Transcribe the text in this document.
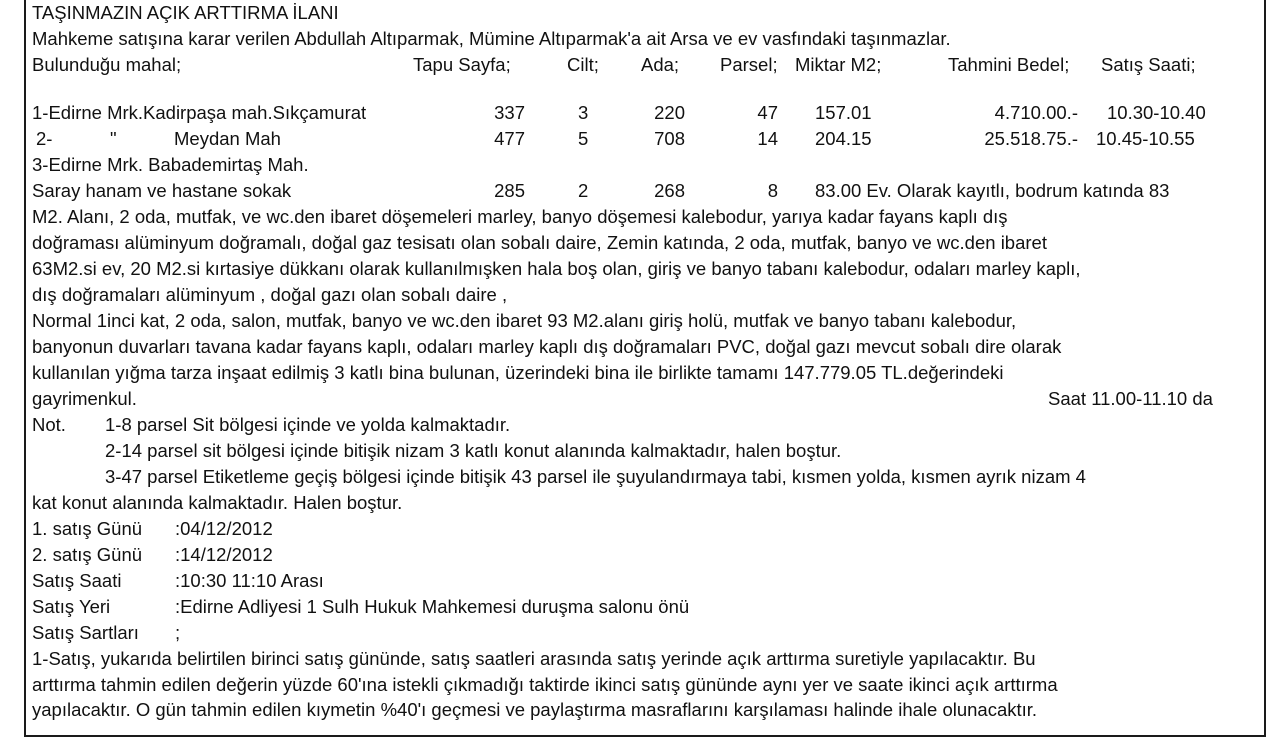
TAŞINMAZIN AÇIK ARTTIRMA İLANI
Mahkeme satışına karar verilen Abdullah Altıparmak, Mümine Altıparmak'a ait Arsa ve ev vasfındaki taşınmazlar.
Bulunduğu mahal;	Tapu Sayfa;	Cilt; Ada; Parsel; Miktar M2;	Tahmini Bedel; Satış Saati;
1-Edirne Mrk.Kadirpaşa mah.Sıkçamurat	337	3	220	47 157.01	4.710.00.- 10.30-10.40
2-	"	Meydan Mah	477	5	708	14 204.15	25.518.75.- 10.45-10.55
3-Edirne Mrk. Babademirtaş Mah.
Saray hanam ve hastane sokak	285	2	268	8 83.00 Ev. Olarak kayıtlı, bodrum katında 83
M2. Alanı, 2 oda, mutfak, ve wc.den ibaret döşemeleri marley, banyo döşemesi kalebodur, yarıya kadar fayans kaplı dış
doğraması alüminyum doğramalı, doğal gaz tesisatı olan sobalı daire, Zemin katında, 2 oda, mutfak, banyo ve wc.den ibaret
63M2.si ev, 20 M2.si kırtasiye dükkanı olarak kullanılmışken hala boş olan, giriş ve banyo tabanı kalebodur, odaları marley kaplı,
dış doğramaları alüminyum , doğal gazı olan sobalı daire ,
Normal 1inci kat, 2 oda, salon, mutfak, banyo ve wc.den ibaret 93 M2.alanı giriş holü, mutfak ve banyo tabanı kalebodur,
banyonun duvarları tavana kadar fayans kaplı, odaları marley kaplı dış doğramaları PVC, doğal gazı mevcut sobalı dire olarak
kullanılan yığma tarza inşaat edilmiş 3 katlı bina bulunan, üzerindeki bina ile birlikte tamamı 147.779.05 TL.değerindeki
gayrimenkul.	Saat 11.00-11.10 da
Not. 1-8 parsel Sit bölgesi içinde ve yolda kalmaktadır.
2-14 parsel sit bölgesi içinde bitişik nizam 3 katlı konut alanında kalmaktadır, halen boştur.
3-47 parsel Etiketleme geçiş bölgesi içinde bitişik 43 parsel ile şuyulandırmaya tabi, kısmen yolda, kısmen ayrık nizam 4
kat konut alanında kalmaktadır. Halen boştur.
1. satış Günü :04/12/2012
2. satış Günü :14/12/2012
Satış Saati	:10:30 11:10 Arası
Satış Yeri	:Edirne Adliyesi 1 Sulh Hukuk Mahkemesi duruşma salonu önü
Satış Sartları ;
1-Satış, yukarıda belirtilen birinci satış gününde, satış saatleri arasında satış yerinde açık arttırma suretiyle yapılacaktır. Bu
arttırma tahmin edilen değerin yüzde 60'ına istekli çıkmadığı taktirde ikinci satış gününde aynı yer ve saate ikinci açık arttırma
yapılacaktır. O gün tahmin edilen kıymetin %40'ı geçmesi ve paylaştırma masraflarını karşılaması halinde ihale olunacaktır.
